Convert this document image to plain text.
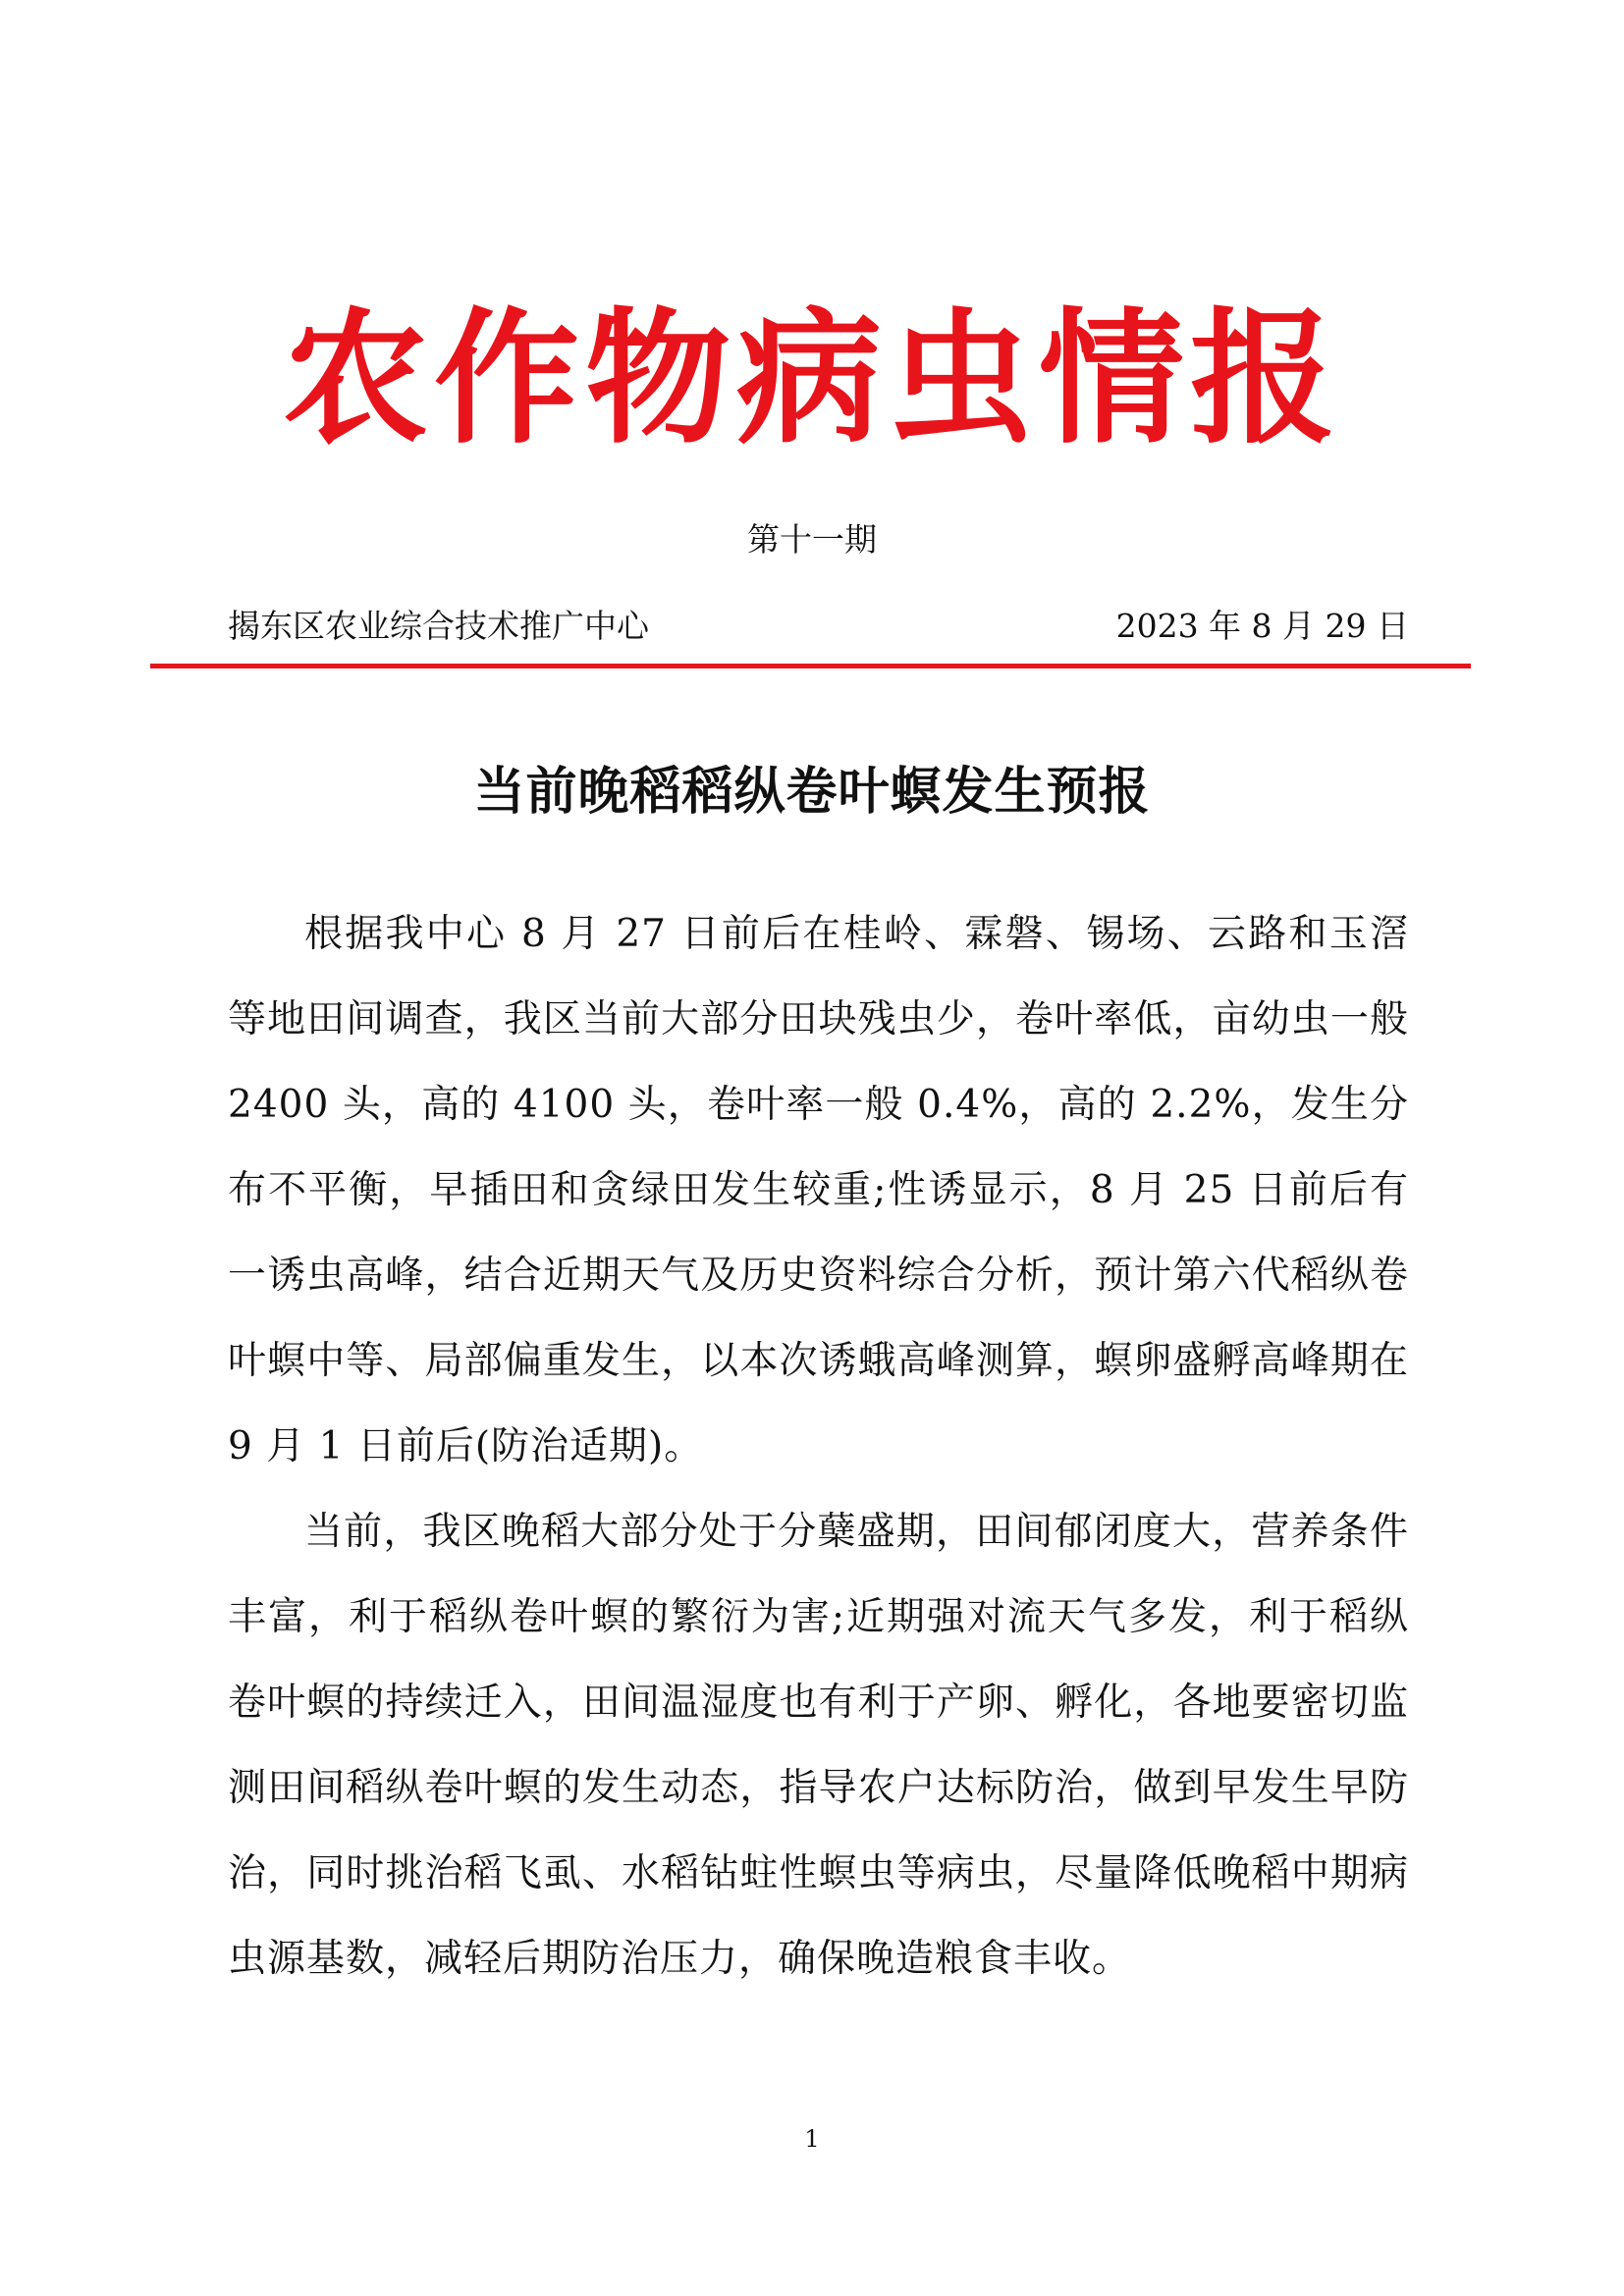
农作物病虫情报
第十一期
揭东区农业综合技术推广中心	2023 年 8 月 29 日
当前晚稻稻纵卷叶螟发生预报

根据我中心 8 月 27 日前后在桂岭、霖磐、锡场、云路和玉滘等地田间调查，我区当前大部分田块残虫少，卷叶率低，亩幼虫一般 2400 头，高的 4100 头，卷叶率一般 0.4%，高的 2.2%，发生分布不平衡，早插田和贪绿田发生较重;性诱显示，8 月 25 日前后有一诱虫高峰，结合近期天气及历史资料综合分析，预计第六代稻纵卷叶螟中等、局部偏重发生，以本次诱蛾高峰测算，螟卵盛孵高峰期在 9 月 1 日前后(防治适期)。

当前，我区晚稻大部分处于分蘖盛期，田间郁闭度大，营养条件丰富，利于稻纵卷叶螟的繁衍为害;近期强对流天气多发，利于稻纵卷叶螟的持续迁入，田间温湿度也有利于产卵、孵化，各地要密切监测田间稻纵卷叶螟的发生动态，指导农户达标防治，做到早发生早防治，同时挑治稻飞虱、水稻钻蛀性螟虫等病虫，尽量降低晚稻中期病虫源基数，减轻后期防治压力，确保晚造粮食丰收。

1
